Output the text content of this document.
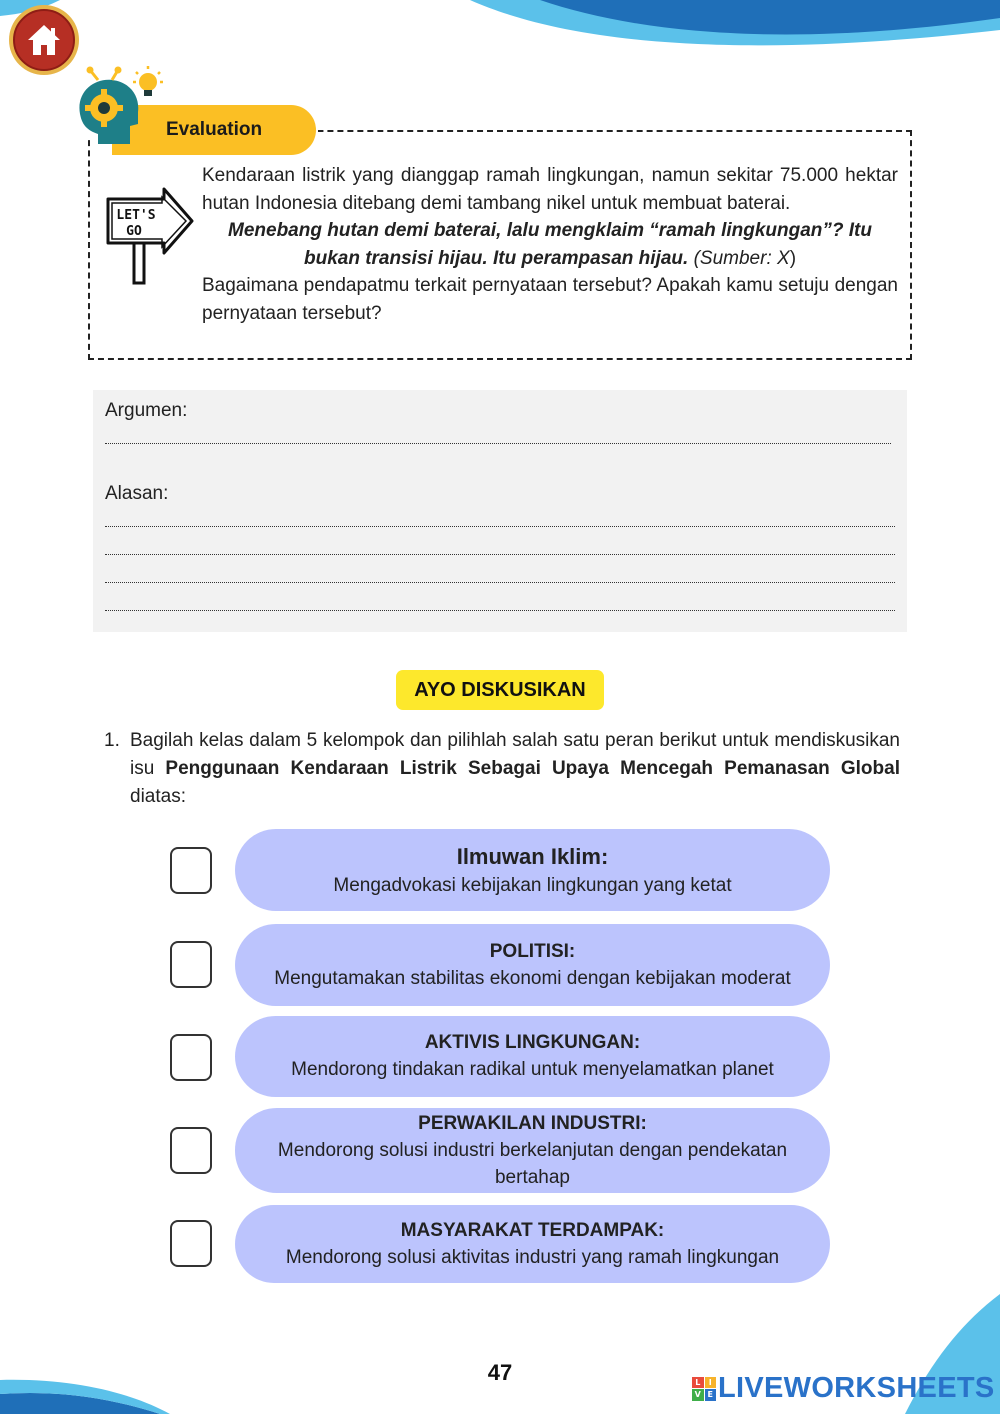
Evaluation
LET'S
GO

Kendaraan listrik yang dianggap ramah lingkungan, namun sekitar 75.000 hektar hutan Indonesia ditebang demi tambang nikel untuk membuat baterai.

Menebang hutan demi baterai, lalu mengklaim “ramah lingkungan”? Itu bukan transisi hijau. Itu perampasan hijau. (Sumber: X)

Bagaimana pendapatmu terkait pernyataan tersebut? Apakah kamu setuju dengan pernyataan tersebut?

Argumen:
Alasan:
AYO DISKUSIKAN
1. Bagilah kelas dalam 5 kelompok dan pilihlah salah satu peran berikut untuk mendiskusikan isu Penggunaan Kendaraan Listrik Sebagai Upaya Mencegah Pemanasan Global diatas:

Ilmuwan Iklim:
Mengadvokasi kebijakan lingkungan yang ketat
POLITISI:
Mengutamakan stabilitas ekonomi dengan kebijakan moderat
AKTIVIS LINGKUNGAN:
Mendorong tindakan radikal untuk menyelamatkan planet
PERWAKILAN INDUSTRI:
Mendorong solusi industri berkelanjutan dengan pendekatan bertahap
MASYARAKAT TERDAMPAK:
Mendorong solusi aktivitas industri yang ramah lingkungan
47	L	I
V E LIVEWORKSHEETS
